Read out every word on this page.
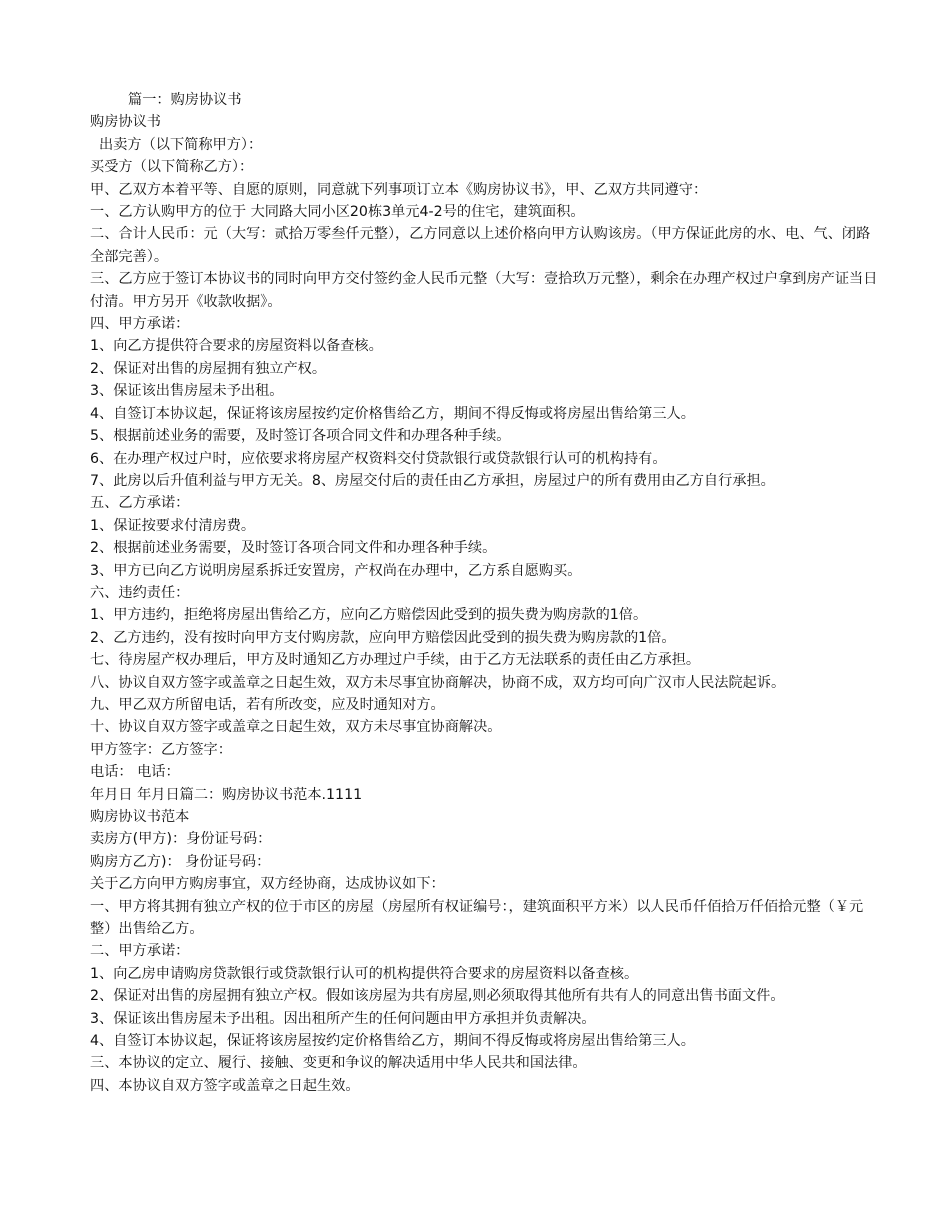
篇一：购房协议书

购房协议书

出卖方（以下简称甲方）：

买受方（以下简称乙方）：

甲、乙双方本着平等、自愿的原则，同意就下列事项订立本《购房协议书》，甲、乙双方共同遵守：

一、乙方认购甲方的位于 大同路大同小区20栋3单元4-2号的住宅，建筑面积。

二、合计人民币：元（大写：贰拾万零叁仟元整），乙方同意以上述价格向甲方认购该房。（甲方保证此房的水、电、气、闭路全部完善）。

三、乙方应于签订本协议书的同时向甲方交付签约金人民币元整（大写：壹拾玖万元整），剩余在办理产权过户拿到房产证当日付清。甲方另开《收款收据》。

四、甲方承诺：

1、向乙方提供符合要求的房屋资料以备查核。

2、保证对出售的房屋拥有独立产权。

3、保证该出售房屋未予出租。

4、自签订本协议起，保证将该房屋按约定价格售给乙方，期间不得反悔或将房屋出售给第三人。

5、根据前述业务的需要，及时签订各项合同文件和办理各种手续。

6、在办理产权过户时，应依要求将房屋产权资料交付贷款银行或贷款银行认可的机构持有。

7、此房以后升值利益与甲方无关。8、房屋交付后的责任由乙方承担，房屋过户的所有费用由乙方自行承担。

五、乙方承诺：

1、保证按要求付清房费。

2、根据前述业务需要，及时签订各项合同文件和办理各种手续。

3、甲方已向乙方说明房屋系拆迁安置房，产权尚在办理中，乙方系自愿购买。

六、违约责任：

1、甲方违约，拒绝将房屋出售给乙方，应向乙方赔偿因此受到的损失费为购房款的1倍。

2、乙方违约，没有按时向甲方支付购房款，应向甲方赔偿因此受到的损失费为购房款的1倍。

七、待房屋产权办理后，甲方及时通知乙方办理过户手续，由于乙方无法联系的责任由乙方承担。

八、协议自双方签字或盖章之日起生效，双方未尽事宜协商解决，协商不成，双方均可向广汉市人民法院起诉。

九、甲乙双方所留电话，若有所改变，应及时通知对方。

十、协议自双方签字或盖章之日起生效，双方未尽事宜协商解决。

甲方签字：乙方签字：

电话： 电话：

年月日 年月日篇二：购房协议书范本.1111

购房协议书范本

卖房方(甲方)：身份证号码：

购房方乙方)： 身份证号码：

关于乙方向甲方购房事宜，双方经协商，达成协议如下：

一、甲方将其拥有独立产权的位于市区的房屋（房屋所有权证编号：，建筑面积平方米）以人民币仟佰拾万仟佰拾元整（￥元整）出售给乙方。

二、甲方承诺：

1、向乙房申请购房贷款银行或贷款银行认可的机构提供符合要求的房屋资料以备查核。

2、保证对出售的房屋拥有独立产权。假如该房屋为共有房屋,则必须取得其他所有共有人的同意出售书面文件。

3、保证该出售房屋未予出租。因出租所产生的任何问题由甲方承担并负责解决。

4、自签订本协议起，保证将该房屋按约定价格售给乙方，期间不得反悔或将房屋出售给第三人。

三、本协议的定立、履行、接触、变更和争议的解决适用中华人民共和国法律。

四、本协议自双方签字或盖章之日起生效。
